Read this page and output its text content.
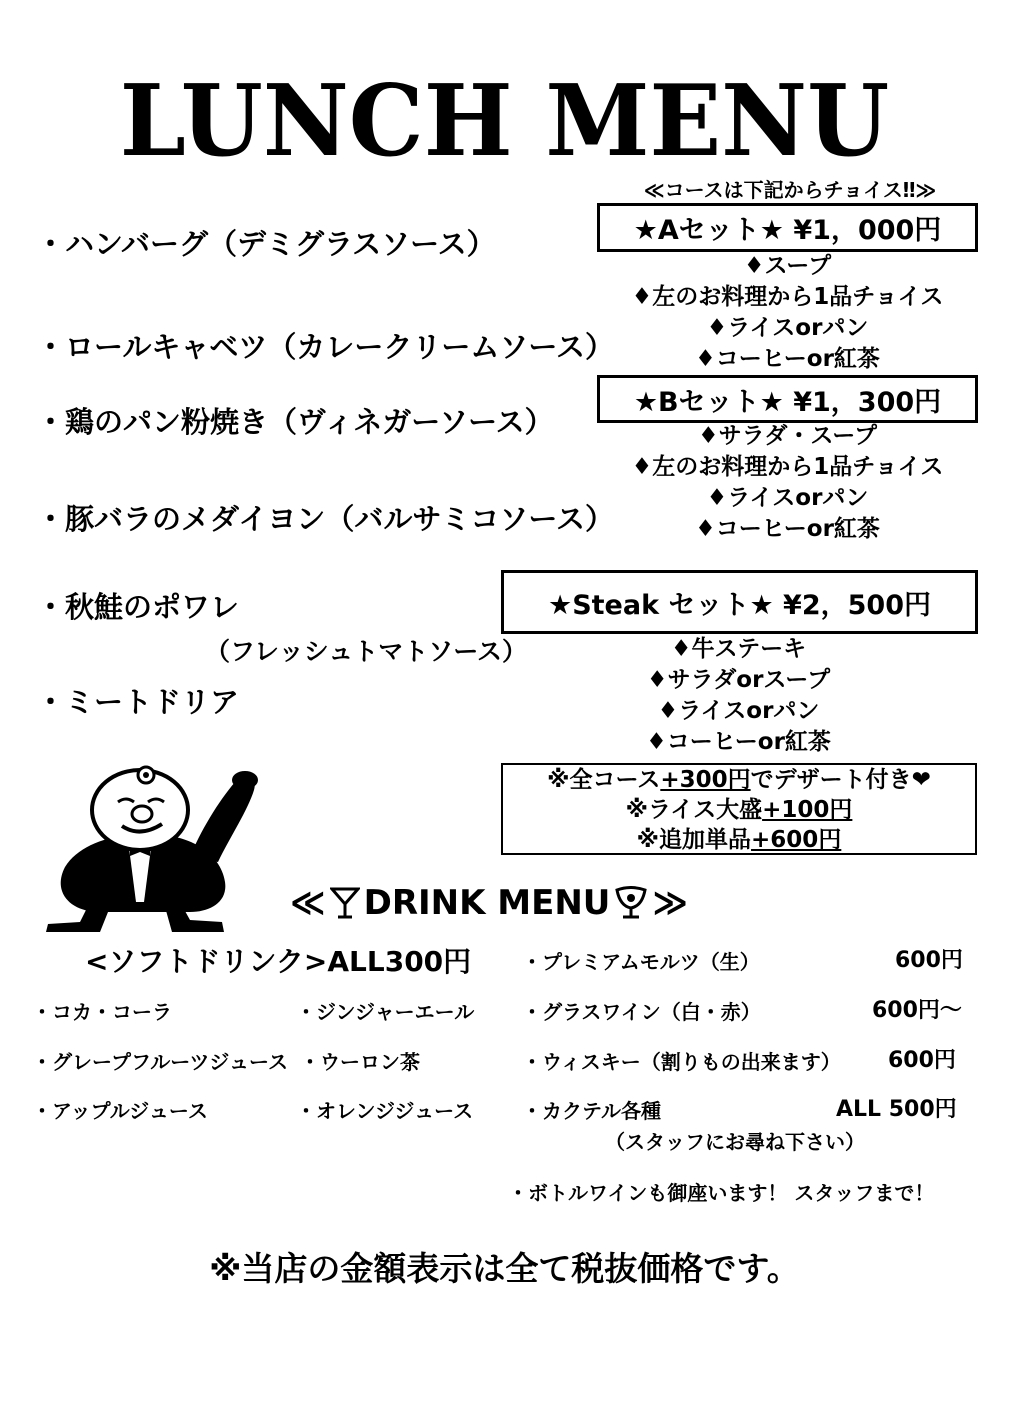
LUNCH MENU
≪コースは下記からチョイス‼≫
・ハンバーグ（デミグラスソース）
・ロールキャベツ（カレークリームソース）
・鶏のパン粉焼き（ヴィネガーソース）
・豚バラのメダイヨン（バルサミコソース）
・秋鮭のポワレ
（フレッシュトマトソース）
・ミートドリア
★Aセット★ ¥1，000円
♦スープ
♦左のお料理から1品チョイス
♦ライスorパン
♦コーヒーor紅茶
★Bセット★ ¥1，300円
♦サラダ・スープ
♦左のお料理から1品チョイス
♦ライスorパン
♦コーヒーor紅茶
★Steak セット★ ¥2，500円
♦牛ステーキ
♦サラダorスープ
♦ライスorパン
♦コーヒーor紅茶
※全コース+300円でデザート付き❤
※ライス大盛+100円
※追加単品+600円
≪ DRINK MENU ≫
<ソフトドリンク>ALL300円
・コカ・コーラ
・グレープフルーツジュース
・アップルジュース
・ジンジャーエール
・ウーロン茶
・オレンジジュース
・プレミアムモルツ（生）	600円
・グラスワイン（白・赤）	600円～
・ウィスキー（割りもの出来ます） 600円
・カクテル各種	ALL 500円
（スタッフにお尋ね下さい）
・ボトルワインも御座います！ スタッフまで！
※当店の金額表示は全て税抜価格です。
